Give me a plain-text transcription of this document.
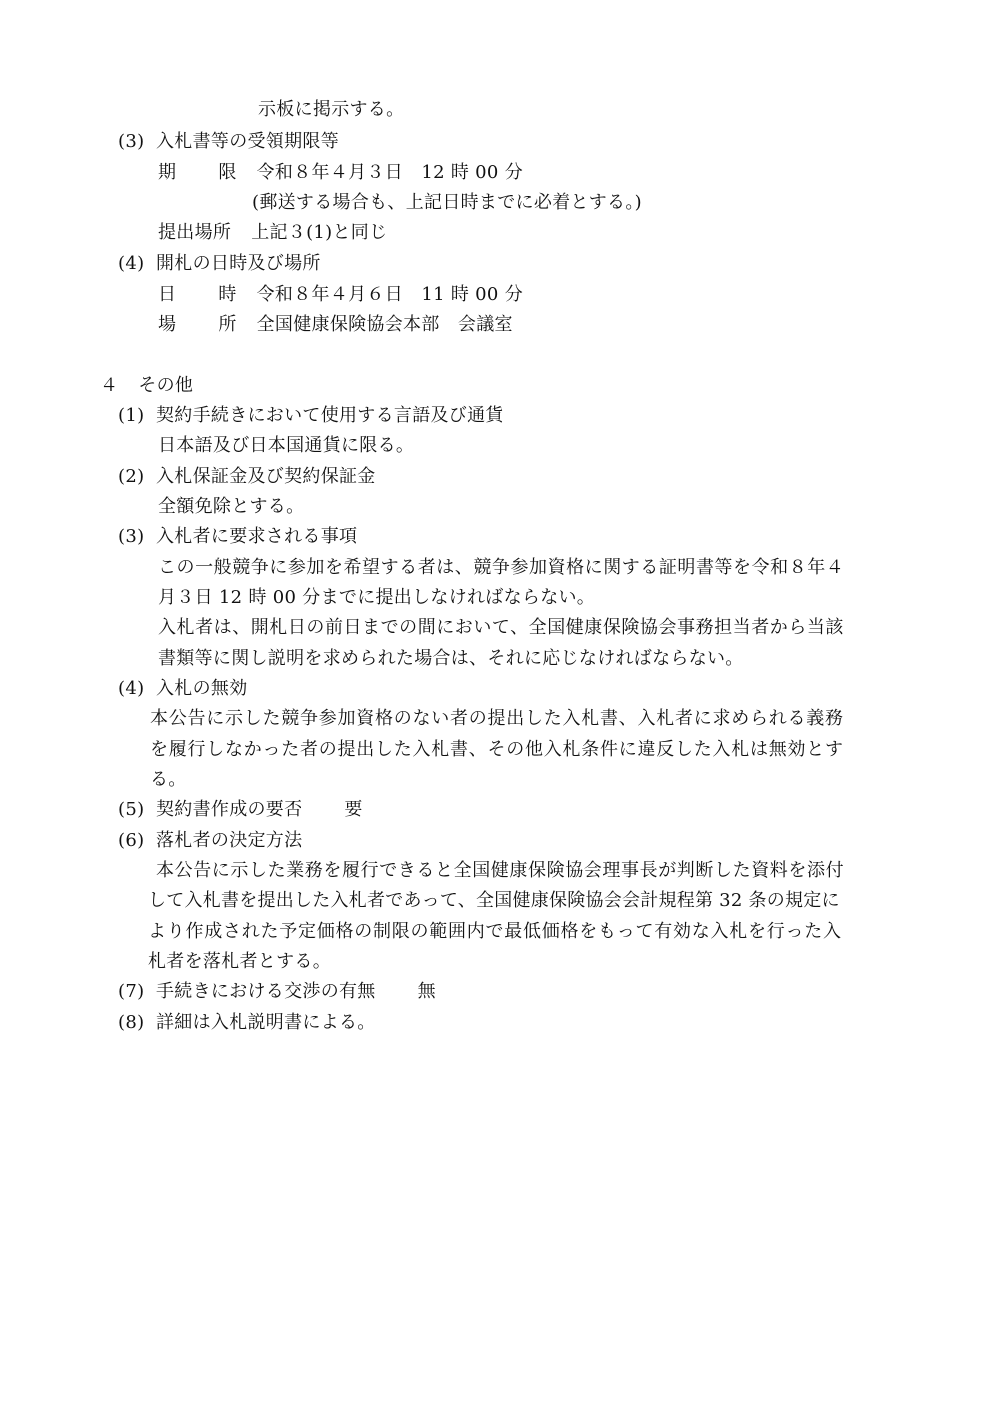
示板に掲示する。
(3) 入札書等の受領期限等
期 限 令和８年４月３日　12 時 00 分
(郵送する場合も、上記日時までに必着とする。)
提出場所 上記３(1)と同じ
(4) 開札の日時及び場所
日 時 令和８年４月６日　11 時 00 分
場 所 全国健康保険協会本部　会議室
４ その他
(1) 契約手続きにおいて使用する言語及び通貨
日本語及び日本国通貨に限る。
(2) 入札保証金及び契約保証金
全額免除とする。
(3) 入札者に要求される事項
この一般競争に参加を希望する者は、競争参加資格に関する証明書等を令和８年４
月３日 12 時 00 分までに提出しなければならない。
入札者は、開札日の前日までの間において、全国健康保険協会事務担当者から当該
書類等に関し説明を求められた場合は、それに応じなければならない。
(4) 入札の無効
本公告に示した競争参加資格のない者の提出した入札書、入札者に求められる義務
を履行しなかった者の提出した入札書、その他入札条件に違反した入札は無効とす
る。
(5) 契約書作成の要否 要
(6) 落札者の決定方法
本公告に示した業務を履行できると全国健康保険協会理事長が判断した資料を添付
して入札書を提出した入札者であって、全国健康保険協会会計規程第 32 条の規定に
より作成された予定価格の制限の範囲内で最低価格をもって有効な入札を行った入
札者を落札者とする。
(7) 手続きにおける交渉の有無 無
(8) 詳細は入札説明書による。
